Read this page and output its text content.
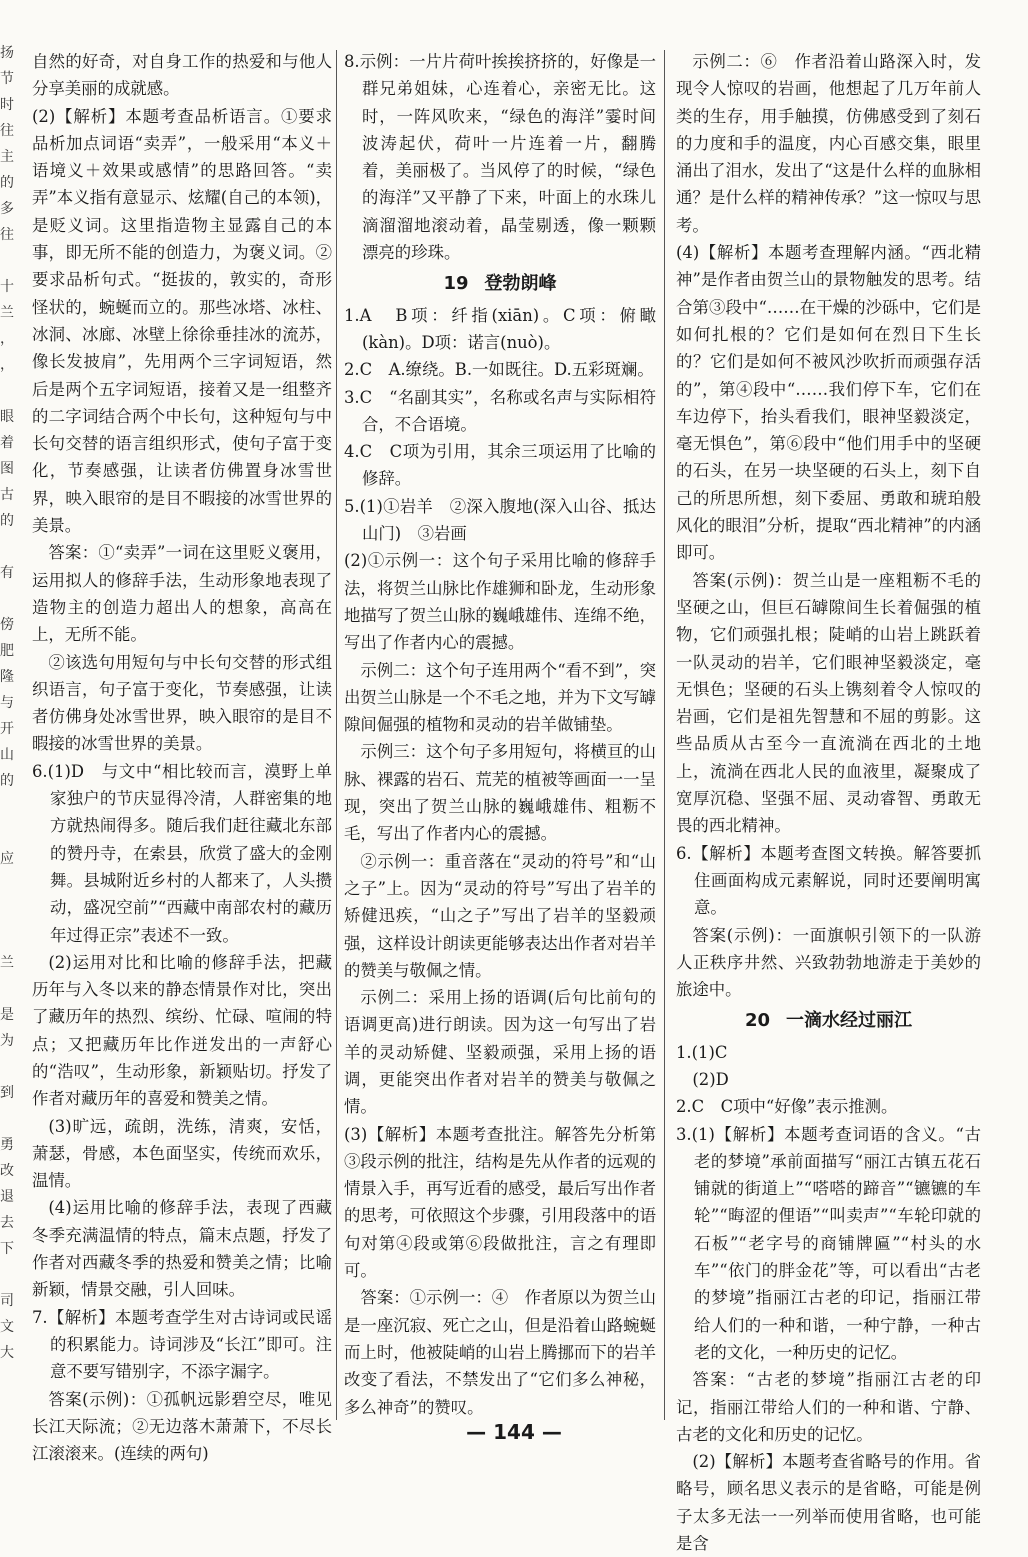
扬
节
时
往
主
的
多
往
十
兰
，
，
眼
着
图
古
的
有
傍
肥
隆
与
开
山
的
应
兰
是
为
到
勇
改
退
去
下
司
文
大

自然的好奇，对自身工作的热爱和与他人分享美丽的成就感。

(2)【解析】本题考查品析语言。①要求品析加点词语“卖弄”，一般采用“本义＋语境义＋效果或感情”的思路回答。“卖弄”本义指有意显示、炫耀(自己的本领)，是贬义词。这里指造物主显露自己的本事，即无所不能的创造力，为褒义词。②要求品析句式。“挺拔的，敦实的，奇形怪状的，蜿蜒而立的。那些冰塔、冰柱、冰洞、冰廊、冰壁上徐徐垂挂冰的流苏，像长发披肩”，先用两个三字词短语，然后是两个五字词短语，接着又是一组整齐的二字词结合两个中长句，这种短句与中长句交替的语言组织形式，使句子富于变化，节奏感强，让读者仿佛置身冰雪世界，映入眼帘的是目不暇接的冰雪世界的美景。

答案：①“卖弄”一词在这里贬义褒用，运用拟人的修辞手法，生动形象地表现了造物主的创造力超出人的想象，高高在上，无所不能。

②该选句用短句与中长句交替的形式组织语言，句子富于变化，节奏感强，让读者仿佛身处冰雪世界，映入眼帘的是目不暇接的冰雪世界的美景。

6.(1)D　与文中“相比较而言，漠野上单家独户的节庆显得冷清，人群密集的地方就热闹得多。随后我们赶往藏北东部的赞丹寺，在索县，欣赏了盛大的金刚舞。县城附近乡村的人都来了，人头攒动，盛况空前”“西藏中南部农村的藏历年过得正宗”表述不一致。

(2)运用对比和比喻的修辞手法，把藏历年与入冬以来的静态情景作对比，突出了藏历年的热烈、缤纷、忙碌、喧闹的特点；又把藏历年比作迸发出的一声舒心的“浩叹”，生动形象，新颖贴切。抒发了作者对藏历年的喜爱和赞美之情。

(3)旷远，疏朗，洗练，清爽，安恬，萧瑟，骨感，本色面坚实，传统而欢乐，温情。

(4)运用比喻的修辞手法，表现了西藏冬季充满温情的特点，篇末点题，抒发了作者对西藏冬季的热爱和赞美之情；比喻新颖，情景交融，引人回味。

7.【解析】本题考查学生对古诗词或民谣的积累能力。诗词涉及“长江”即可。注意不要写错别字，不添字漏字。

答案(示例)：①孤帆远影碧空尽，唯见长江天际流；②无边落木萧萧下，不尽长江滚滚来。(连续的两句)

8.示例：一片片荷叶挨挨挤挤的，好像是一群兄弟姐妹，心连着心，亲密无比。这时，一阵风吹来，“绿色的海洋”霎时间波涛起伏，荷叶一片连着一片，翻腾着，美丽极了。当风停了的时候，“绿色的海洋”又平静了下来，叶面上的水珠儿滴溜溜地滚动着，晶莹剔透，像一颗颗漂亮的珍珠。

19 登勃朗峰

1.A　B项：纤指(xiān)。C项：俯瞰(kàn)。D项：诺言(nuò)。

2.C　A.缭绕。B.一如既往。D.五彩斑斓。

3.C　“名副其实”，名称或名声与实际相符合，不合语境。

4.C　C项为引用，其余三项运用了比喻的修辞。

5.(1)①岩羊　②深入腹地(深入山谷、抵达山门)　③岩画

(2)①示例一：这个句子采用比喻的修辞手法，将贺兰山脉比作雄狮和卧龙，生动形象地描写了贺兰山脉的巍峨雄伟、连绵不绝，写出了作者内心的震撼。

示例二：这个句子连用两个“看不到”，突出贺兰山脉是一个不毛之地，并为下文写罅隙间倔强的植物和灵动的岩羊做铺垫。

示例三：这个句子多用短句，将横亘的山脉、裸露的岩石、荒芜的植被等画面一一呈现，突出了贺兰山脉的巍峨雄伟、粗粝不毛，写出了作者内心的震撼。

②示例一：重音落在“灵动的符号”和“山之子”上。因为“灵动的符号”写出了岩羊的矫健迅疾，“山之子”写出了岩羊的坚毅顽强，这样设计朗读更能够表达出作者对岩羊的赞美与敬佩之情。

示例二：采用上扬的语调(后句比前句的语调更高)进行朗读。因为这一句写出了岩羊的灵动矫健、坚毅顽强，采用上扬的语调，更能突出作者对岩羊的赞美与敬佩之情。

(3)【解析】本题考查批注。解答先分析第③段示例的批注，结构是先从作者的远观的情景入手，再写近看的感受，最后写出作者的思考，可依照这个步骤，引用段落中的语句对第④段或第⑥段做批注，言之有理即可。

答案：①示例一：④　作者原以为贺兰山是一座沉寂、死亡之山，但是沿着山路蜿蜒而上时，他被陡峭的山岩上腾挪而下的岩羊改变了看法，不禁发出了“它们多么神秘，多么神奇”的赞叹。

示例二：⑥　作者沿着山路深入时，发现令人惊叹的岩画，他想起了几万年前人类的生存，用手触摸，仿佛感受到了刻石的力度和手的温度，内心百感交集，眼里涌出了泪水，发出了“这是什么样的血脉相通？是什么样的精神传承？”这一惊叹与思考。

(4)【解析】本题考查理解内涵。“西北精神”是作者由贺兰山的景物触发的思考。结合第③段中“……在干燥的沙砾中，它们是如何扎根的？它们是如何在烈日下生长的？它们是如何不被风沙吹折而顽强存活的”，第④段中“……我们停下车，它们在车边停下，抬头看我们，眼神坚毅淡定，毫无惧色”，第⑥段中“他们用手中的坚硬的石头，在另一块坚硬的石头上，刻下自己的所思所想，刻下委屈、勇敢和琥珀般风化的眼泪”分析，提取“西北精神”的内涵即可。

答案(示例)：贺兰山是一座粗粝不毛的坚硬之山，但巨石罅隙间生长着倔强的植物，它们顽强扎根；陡峭的山岩上跳跃着一队灵动的岩羊，它们眼神坚毅淡定，毫无惧色；坚硬的石头上镌刻着令人惊叹的岩画，它们是祖先智慧和不屈的剪影。这些品质从古至今一直流淌在西北的土地上，流淌在西北人民的血液里，凝聚成了宽厚沉稳、坚强不屈、灵动睿智、勇敢无畏的西北精神。

6.【解析】本题考查图文转换。解答要抓住画面构成元素解说，同时还要阐明寓意。

答案(示例)：一面旗帜引领下的一队游人正秩序井然、兴致勃勃地游走于美妙的旅途中。

20 一滴水经过丽江

1.(1)C

(2)D

2.C　C项中“好像”表示推测。

3.(1)【解析】本题考查词语的含义。“古老的梦境”承前面描写“丽江古镇五花石铺就的街道上”“嗒嗒的蹄音”“镳镳的车轮”“晦涩的俚语”“叫卖声”“车轮印就的石板”“老字号的商铺牌匾”“村头的水车”“依门的胖金花”等，可以看出“古老的梦境”指丽江古老的印记，指丽江带给人们的一种和谐，一种宁静，一种古老的文化，一种历史的记忆。

答案：“古老的梦境”指丽江古老的印记，指丽江带给人们的一种和谐、宁静、古老的文化和历史的记忆。

(2)【解析】本题考查省略号的作用。省略号，顾名思义表示的是省略，可能是例子太多无法一一列举而使用省略，也可能是含

— 144 —
